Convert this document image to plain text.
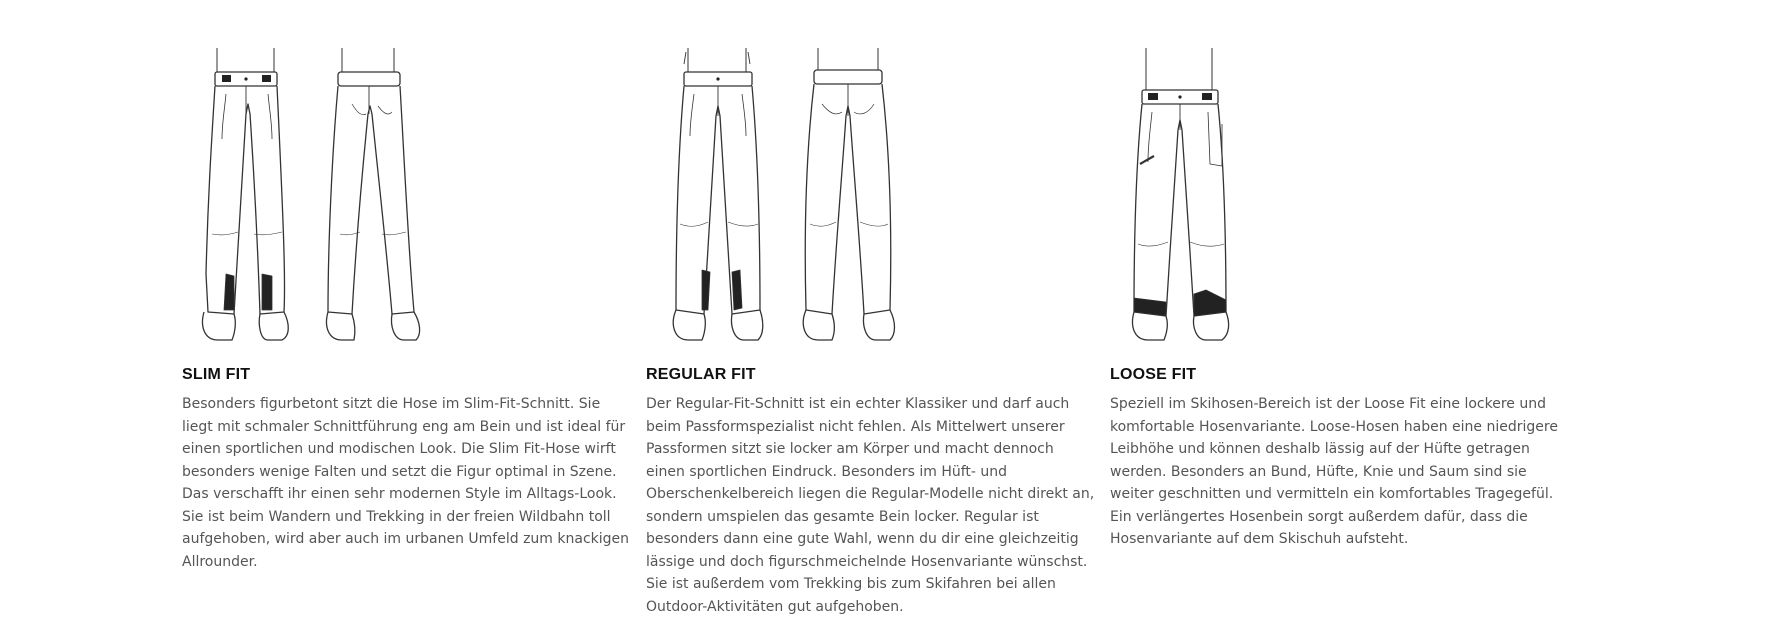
SLIM FIT

Besonders figurbetont sitzt die Hose im Slim-Fit-Schnitt. Sie liegt mit schmaler Schnittführung eng am Bein und ist ideal für einen sportlichen und modischen Look. Die Slim Fit-Hose wirft besonders wenige Falten und setzt die Figur optimal in Szene. Das verschafft ihr einen sehr modernen Style im Alltags-Look. Sie ist beim Wandern und Trekking in der freien Wildbahn toll aufgehoben, wird aber auch im urbanen Umfeld zum knackigen Allrounder.

REGULAR FIT

Der Regular-Fit-Schnitt ist ein echter Klassiker und darf auch beim Passformspezialist nicht fehlen. Als Mittelwert unserer Passformen sitzt sie locker am Körper und macht dennoch einen sportlichen Eindruck. Besonders im Hüft- und Oberschenkelbereich liegen die Regular-Modelle nicht direkt an, sondern umspielen das gesamte Bein locker. Regular ist besonders dann eine gute Wahl, wenn du dir eine gleichzeitig lässige und doch figurschmeichelnde Hosenvariante wünschst. Sie ist außerdem vom Trekking bis zum Skifahren bei allen Outdoor-Aktivitäten gut aufgehoben.

LOOSE FIT

Speziell im Skihosen-Bereich ist der Loose Fit eine lockere und komfortable Hosenvariante. Loose-Hosen haben eine niedrigere Leibhöhe und können deshalb lässig auf der Hüfte getragen werden. Besonders an Bund, Hüfte, Knie und Saum sind sie weiter geschnitten und vermitteln ein komfortables Tragegefül. Ein verlängertes Hosenbein sorgt außerdem dafür, dass die Hosenvariante auf dem Skischuh aufsteht.
